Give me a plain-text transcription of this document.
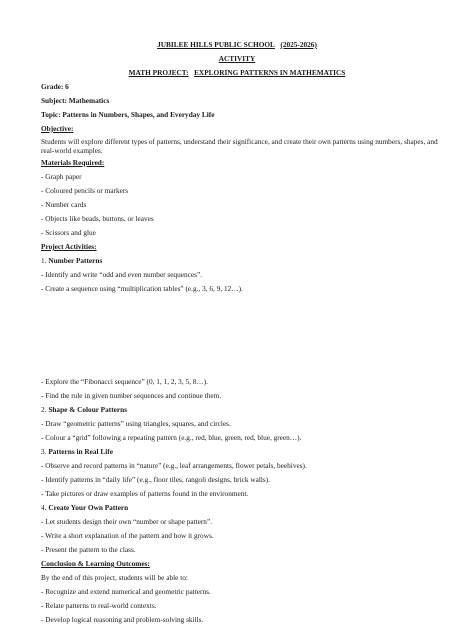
JUBILEE HILLS PUBLIC SCHOOL (2025-2026)
ACTIVITY
MATH PROJECT: EXPLORING PATTERNS IN MATHEMATICS
Grade: 6
Subject: Mathematics
Topic: Patterns in Numbers, Shapes, and Everyday Life
Objective:
Students will explore different types of patterns, understand their significance, and create their own patterns using numbers, shapes, and real-world examples.
Materials Required:
- Graph paper
- Coloured pencils or markers
- Number cards
- Objects like beads, buttons, or leaves
- Scissors and glue
Project Activities:
1. Number Patterns
- Identify and write “odd and even number sequences”.
- Create a sequence using “multiplication tables” (e.g., 3, 6, 9, 12…).
- Explore the “Fibonacci sequence” (0, 1, 1, 2, 3, 5, 8…).
- Find the rule in given number sequences and continue them.
2. Shape & Colour Patterns
- Draw “geometric patterns” using triangles, squares, and circles.
- Colour a “grid” following a repeating pattern (e.g., red, blue, green, red, blue, green…).
3. Patterns in Real Life
- Observe and record patterns in “nature” (e.g., leaf arrangements, flower petals, beehives).
- Identify patterns in “daily life” (e.g., floor tiles, rangoli designs, brick walls).
- Take pictures or draw examples of patterns found in the environment.
4. Create Your Own Pattern
- Let students design their own “number or shape pattern”.
- Write a short explanation of the pattern and how it grows.
- Present the pattern to the class.
Conclusion & Learning Outcomes:
By the end of this project, students will be able to:
- Recognize and extend numerical and geometric patterns.
- Relate patterns to real-world contexts.
- Develop logical reasoning and problem-solving skills.
